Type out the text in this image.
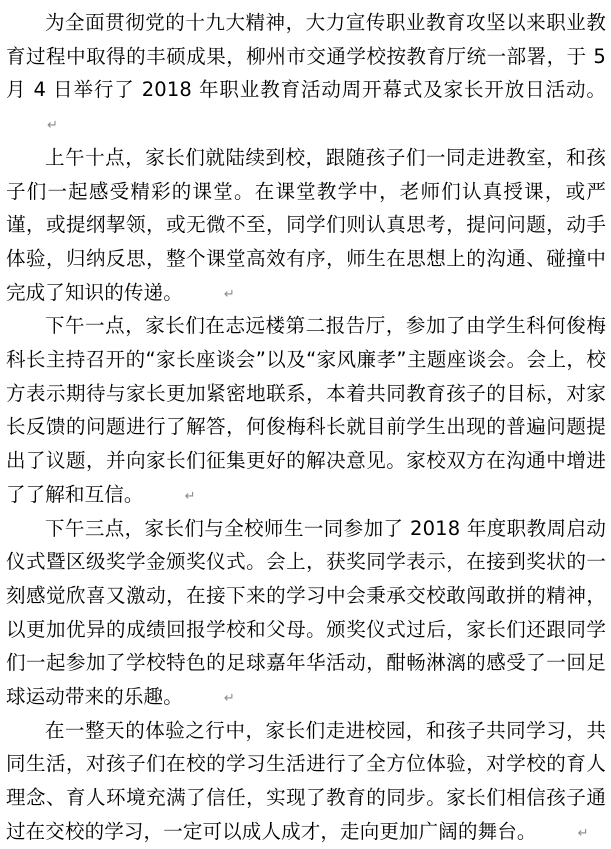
为全面贯彻党的十九大精神，大力宣传职业教育攻坚以来职业教育过程中取得的丰硕成果，柳州市交通学校按教育厅统一部署，于 5 月 4 日举行了 2018 年职业教育活动周开幕式及家长开放日活动。↵

上午十点，家长们就陆续到校，跟随孩子们一同走进教室，和孩子们一起感受精彩的课堂。在课堂教学中，老师们认真授课，或严谨，或提纲挈领，或无微不至，同学们则认真思考，提问问题，动手体验，归纳反思，整个课堂高效有序，师生在思想上的沟通、碰撞中完成了知识的传递。	↵

下午一点，家长们在志远楼第二报告厅，参加了由学生科何俊梅科长主持召开的“家长座谈会”以及“家风廉孝”主题座谈会。会上，校方表示期待与家长更加紧密地联系，本着共同教育孩子的目标，对家长反馈的问题进行了解答，何俊梅科长就目前学生出现的普遍问题提出了议题，并向家长们征集更好的解决意见。家校双方在沟通中增进了了解和互信。	↵

下午三点，家长们与全校师生一同参加了 2018 年度职教周启动仪式暨区级奖学金颁奖仪式。会上，获奖同学表示，在接到奖状的一刻感觉欣喜又激动，在接下来的学习中会秉承交校敢闯敢拼的精神，以更加优异的成绩回报学校和父母。颁奖仪式过后，家长们还跟同学们一起参加了学校特色的足球嘉年华活动，酣畅淋漓的感受了一回足球运动带来的乐趣。	↵

在一整天的体验之行中，家长们走进校园，和孩子共同学习，共同生活，对孩子们在校的学习生活进行了全方位体验，对学校的育人理念、育人环境充满了信任，实现了教育的同步。家长们相信孩子通过在交校的学习，一定可以成人成才，走向更加广阔的舞台。	↵
